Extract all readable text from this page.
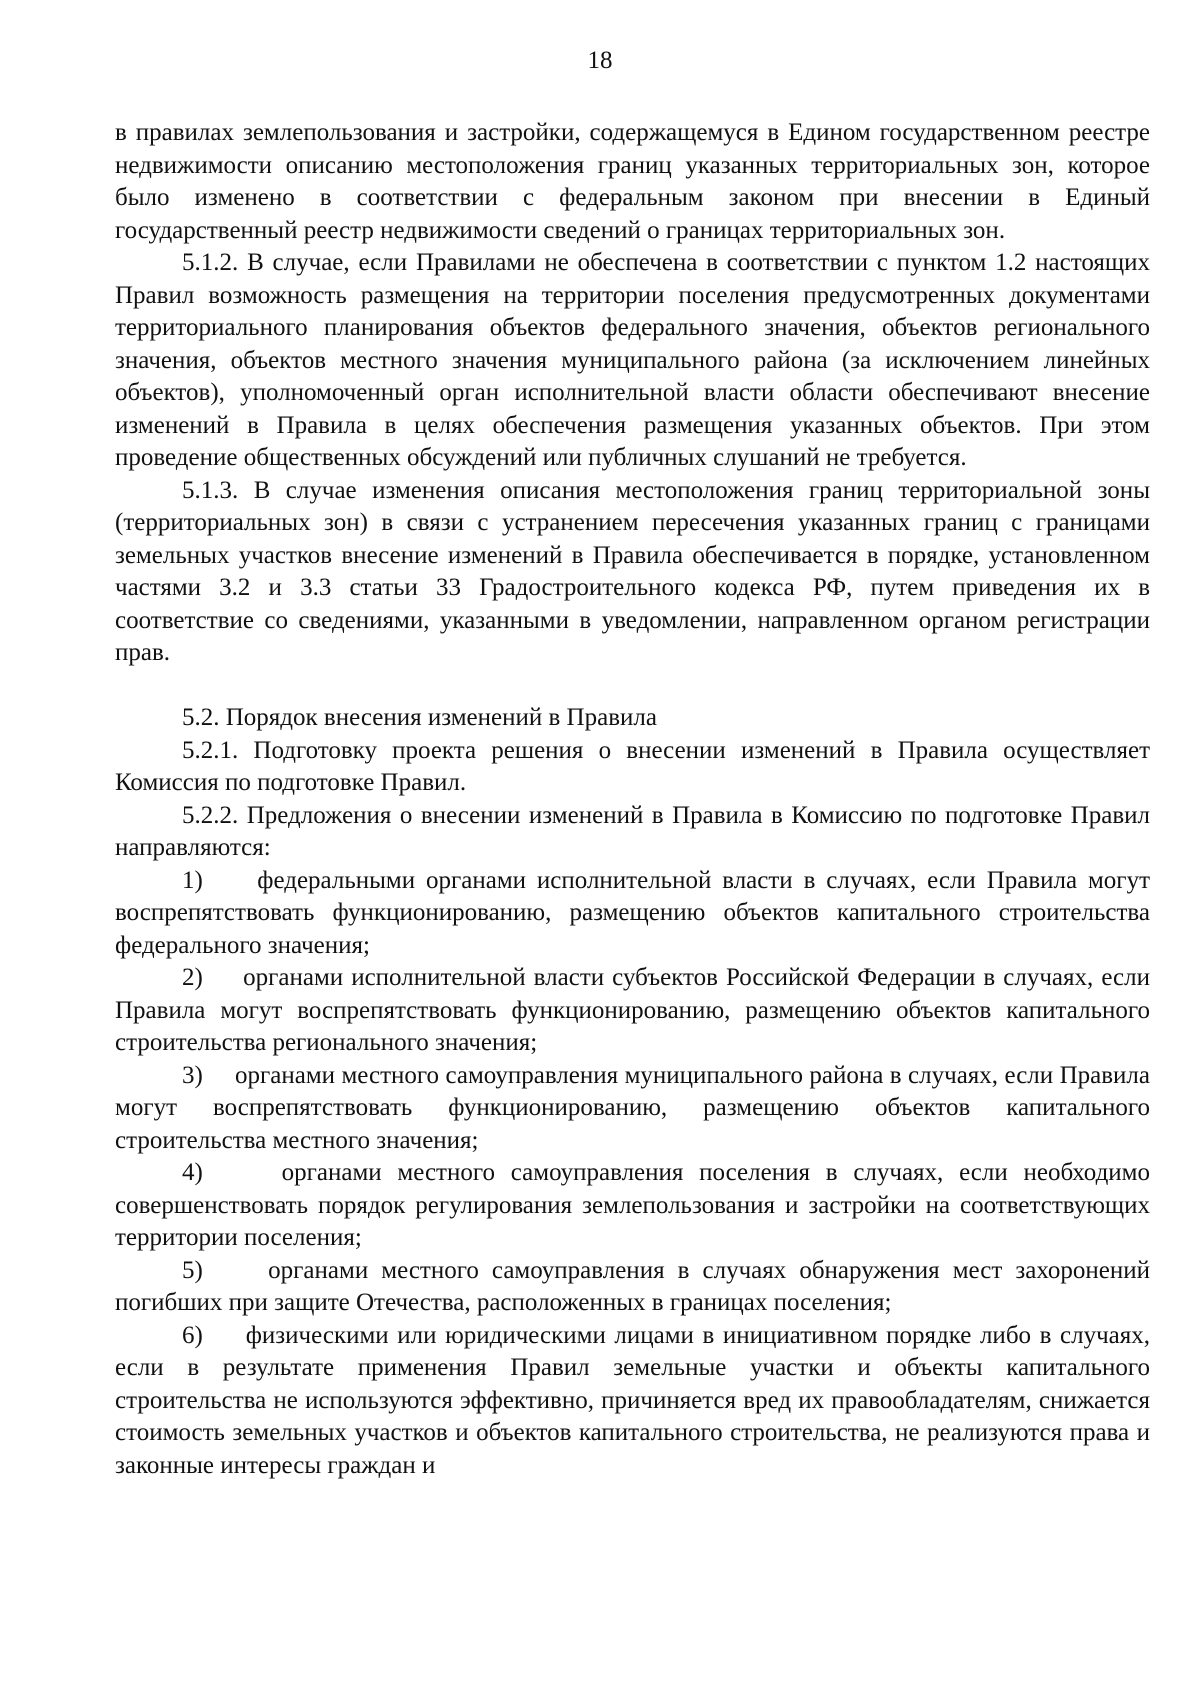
18

в правилах землепользования и застройки, содержащемуся в Едином государственном реестре недвижимости описанию местоположения границ указанных территориальных зон, которое было изменено в соответствии с федеральным законом при внесении в Единый государственный реестр недвижимости сведений о границах территориальных зон.

5.1.2. В случае, если Правилами не обеспечена в соответствии с пунктом 1.2 настоящих Правил возможность размещения на территории поселения предусмотренных документами территориального планирования объектов федерального значения, объектов регионального значения, объектов местного значения муниципального района (за исключением линейных объектов), уполномоченный орган исполнительной власти области обеспечивают внесение изменений в Правила в целях обеспечения размещения указанных объектов. При этом проведение общественных обсуждений или публичных слушаний не требуется.

5.1.3. В случае изменения описания местоположения границ территориальной зоны (территориальных зон) в связи с устранением пересечения указанных границ с границами земельных участков внесение изменений в Правила обеспечивается в порядке, установленном частями 3.2 и 3.3 статьи 33 Градостроительного кодекса РФ, путем приведения их в соответствие со сведениями, указанными в уведомлении, направленном органом регистрации прав.

5.2. Порядок внесения изменений в Правила

5.2.1. Подготовку проекта решения о внесении изменений в Правила осуществляет Комиссия по подготовке Правил.

5.2.2. Предложения о внесении изменений в Правила в Комиссию по подготовке Правил направляются:

1)     федеральными органами исполнительной власти в случаях, если Правила могут воспрепятствовать функционированию, размещению объектов капитального строительства федерального значения;

2)     органами исполнительной власти субъектов Российской Федерации в случаях, если Правила могут воспрепятствовать функционированию, размещению объектов капитального строительства регионального значения;

3)     органами местного самоуправления муниципального района в случаях, если Правила могут воспрепятствовать функционированию, размещению объектов капитального строительства местного значения;

4)     органами местного самоуправления поселения в случаях, если необходимо совершенствовать порядок регулирования землепользования и застройки на соответствующих территории поселения;

5)     органами местного самоуправления в случаях обнаружения мест захоронений погибших при защите Отечества, расположенных в границах поселения;

6)     физическими или юридическими лицами в инициативном порядке либо в случаях, если в результате применения Правил земельные участки и объекты капитального строительства не используются эффективно, причиняется вред их правообладателям, снижается стоимость земельных участков и объектов капитального строительства, не реализуются права и законные интересы граждан и
